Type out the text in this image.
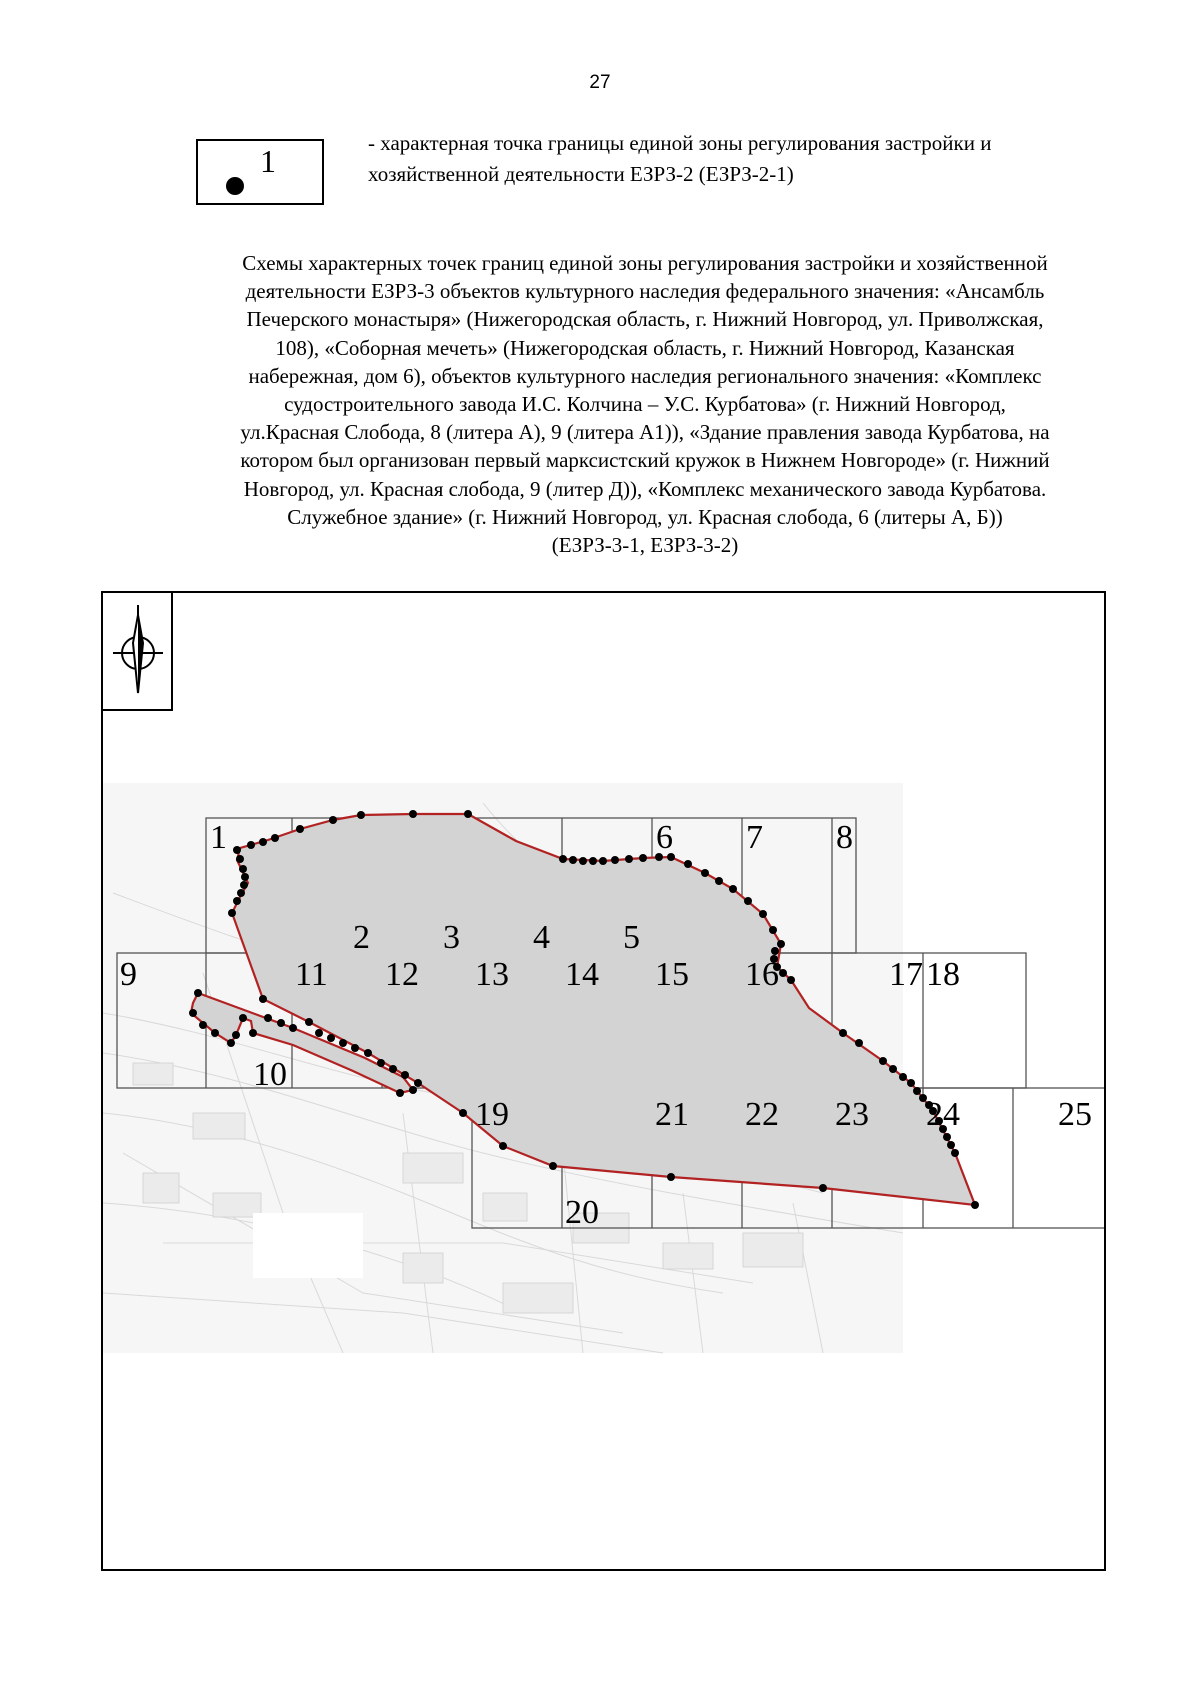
27
1	- характерная точка границы единой зоны регулирования застройки и

хозяйственной деятельности ЕЗРЗ-2 (ЕЗРЗ-2-1)

Схемы характерных точек границ единой зоны регулирования застройки и хозяйственной

деятельности ЕЗРЗ-3 объектов культурного наследия федерального значения: «Ансамбль

Печерского монастыря» (Нижегородская область, г. Нижний Новгород, ул. Приволжская,

108), «Соборная мечеть» (Нижегородская область, г. Нижний Новгород, Казанская

набережная, дом 6), объектов культурного наследия регионального значения: «Комплекс

судостроительного завода И.С. Колчина – У.С. Курбатова» (г. Нижний Новгород,

ул.Красная Слобода, 8 (литера А), 9 (литера А1)), «Здание правления завода Курбатова, на

котором был организован первый марксистский кружок в Нижнем Новгороде» (г. Нижний

Новгород, ул. Красная слобода, 9 (литер Д)), «Комплекс механического завода Курбатова.

Служебное здание» (г. Нижний Новгород, ул. Красная слобода, 6 (литеры А, Б))

(ЕЗРЗ-3-1, ЕЗРЗ-3-2)

1
2 3 4 5
6 7 8
9
10
11 12 13 14 15 16	17 18
19
20
21 22 23 24	25
